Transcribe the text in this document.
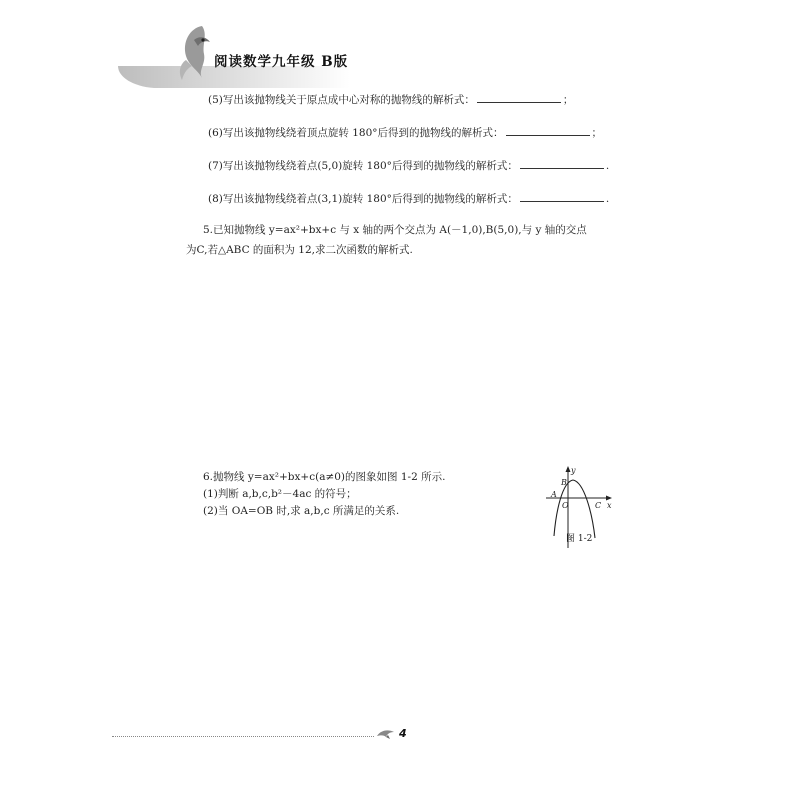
阅读数学九年级 B版
(5)写出该抛物线关于原点成中心对称的抛物线的解析式：	；
(6)写出该抛物线绕着顶点旋转 180°后得到的抛物线的解析式：	；
(7)写出该抛物线绕着点(5,0)旋转 180°后得到的抛物线的解析式：	.
(8)写出该抛物线绕着点(3,1)旋转 180°后得到的抛物线的解析式：	.
5.已知抛物线 y=ax²+bx+c 与 x 轴的两个交点为 A(－1,0),B(5,0),与 y 轴的交点
为C,若△ABC 的面积为 12,求二次函数的解析式.
6.抛物线 y=ax²+bx+c(a≠0)的图象如图 1-2 所示.
(1)判断 a,b,c,b²－4ac 的符号；
(2)当 OA=OB 时,求 a,b,c 所满足的关系.
y
x
A
B
O	C
图 1-2
4
